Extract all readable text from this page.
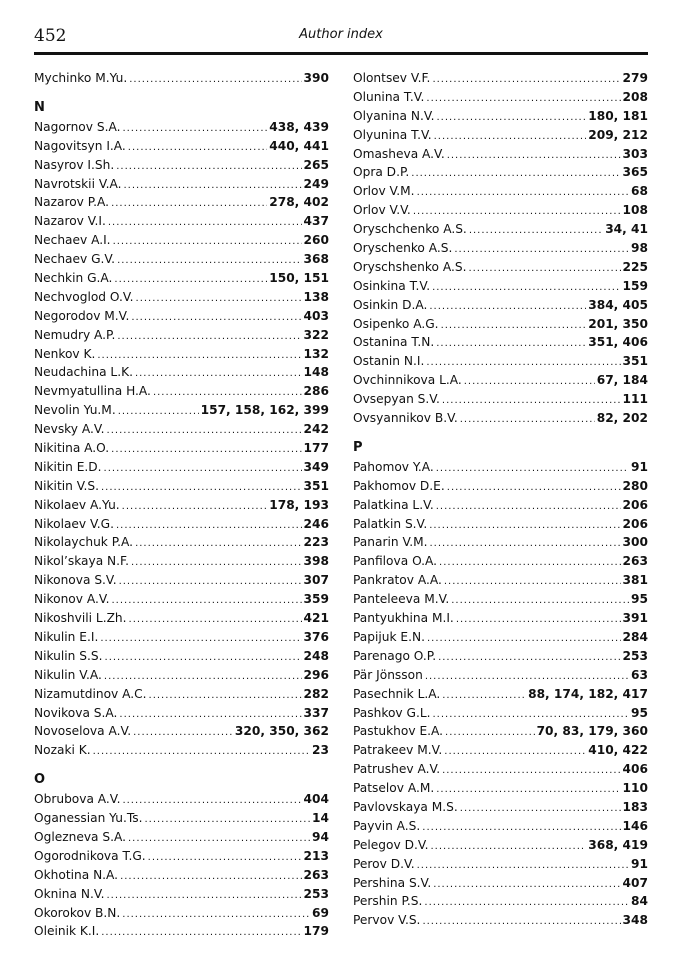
452	Author index
Mychinko M.Yu. .....	390
N
Nagornov S.A. .....	438, 439
Nagovitsyn I.A. .....	440, 441
Nasyrov I.Sh. .....	265
Navrotskii V.A. .....	249
Nazarov P.A. .....	278, 402
Nazarov V.I. .....	437
Nechaev A.I. .....	260
Nechaev G.V. .....	368
Nechkin G.A. .....	150, 151
Nechvoglod O.V. .....	138
Negorodov M.V. .....	403
Nemudry A.P. .....	322
Nenkov K. .....	132
Neudachina L.K. .....	148
Nevmyatullina H.A. .....	286
Nevolin Yu.M. .....	157, 158, 162, 399
Nevsky A.V. .....	242
Nikitina A.O. .....	177
Nikitin E.D. .....	349
Nikitin V.S. .....	351
Nikolaev A.Yu. .....	178, 193
Nikolaev V.G. .....	246
Nikolaychuk P.A. .....	223
Nikol’skaya N.F. .....	398
Nikonova S.V. .....	307
Nikonov A.V. .....	359
Nikoshvili L.Zh. .....	421
Nikulin E.I. .....	376
Nikulin S.S. .....	248
Nikulin V.A. .....	296
Nizamutdinov A.C. .....	282
Novikova S.A. .....	337
Novoselova A.V. .....	320, 350, 362
Nozaki K. .....	23
O
Obrubova A.V. .....	404
Oganessian Yu.Ts. .....	14
Oglezneva S.A. .....	94
Ogorodnikova T.G. .....	213
Okhotina N.A. .....	263
Oknina N.V. .....	253
Okorokov B.N. .....	69
Oleinik K.I. .....	179
Olontsev V.F. .....	279
Olunina T.V. .....	208
Olyanina N.V. .....	180, 181
Olyunina T.V. .....	209, 212
Omasheva A.V. .....	303
Opra D.P. .....	365
Orlov V.M. .....	68
Orlov V.V. .....	108
Oryschchenko A.S. .....	34, 41
Oryschenko A.S. .....	98
Oryschshenko A.S. .....	225
Osinkina T.V. .....	159
Osinkin D.A. .....	384, 405
Osipenko A.G. .....	201, 350
Ostanina T.N. .....	351, 406
Ostanin N.I. .....	351
Ovchinnikova L.A. .....	67, 184
Ovsepyan S.V. .....	111
Ovsyannikov B.V. .....	82, 202
P
Pahomov Y.A. .....	91
Pakhomov D.E. .....	280
Palatkina L.V. .....	206
Palatkin S.V. .....	206
Panarin V.M. .....	300
Panfilova O.A. .....	263
Pankratov A.A. .....	381
Panteleeva M.V. .....	95
Pantyukhina M.I. .....	391
Papijuk E.N. .....	284
Parenago O.P. .....	253
Pär Jönsson .....	63
Pasechnik L.A. .....	88, 174, 182, 417
Pashkov G.L. .....	95
Pastukhov E.A. .....	70, 83, 179, 360
Patrakeev M.V. .....	410, 422
Patrushev A.V. .....	406
Patselov A.M. .....	110
Pavlovskaya M.S. .....	183
Payvin A.S. .....	146
Pelegov D.V. .....	368, 419
Perov D.V. .....	91
Pershina S.V. .....	407
Pershin P.S. .....	84
Pervov V.S. .....	348
